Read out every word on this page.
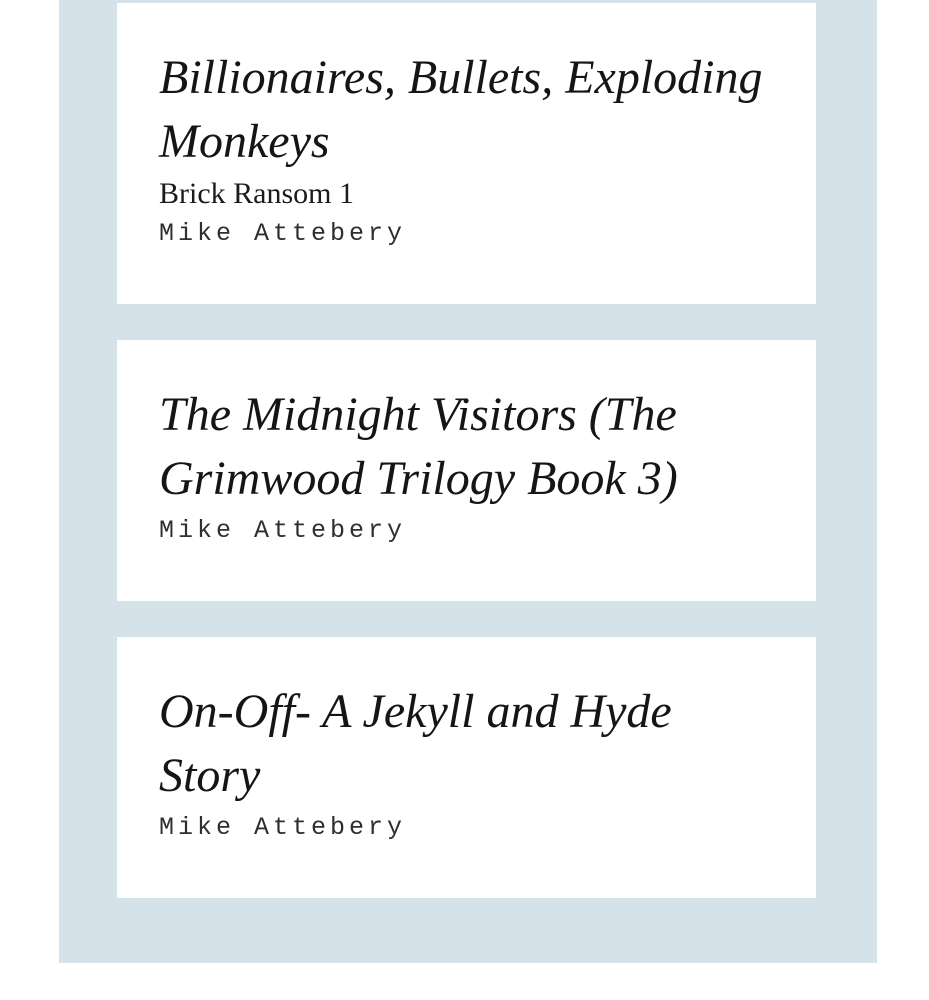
Billionaires, Bullets, Exploding Monkeys
Brick Ransom 1
Mike Attebery
The Midnight Visitors (The Grimwood Trilogy Book 3)
Mike Attebery
On-Off- A Jekyll and Hyde Story
Mike Attebery
